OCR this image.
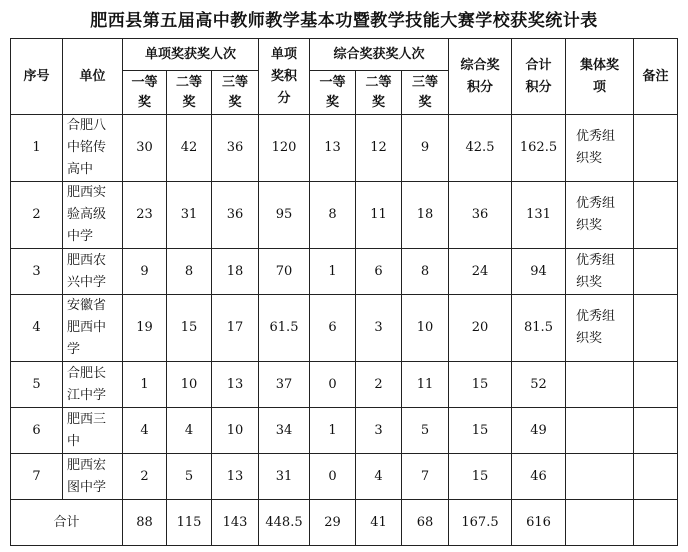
肥西县第五届高中教师教学基本功暨教学技能大赛学校获奖统计表
序号	单位	单项奖获奖人次			单项奖积分	综合奖获奖人次			综合奖积分	合计积分	集体奖项	备注
		一等奖	二等奖	三等奖		一等奖	二等奖	三等奖				
1	合肥八中铭传高中	30	42	36	120	13	12	9	42.5	162.5	优秀组织奖	
2	肥西实验高级中学	23	31	36	95	8	11	18	36	131	优秀组织奖	
3	肥西农兴中学	9	8	18	70	1	6	8	24	94	优秀组织奖	
4	安徽省肥西中学	19	15	17	61.5	6	3	10	20	81.5	优秀组织奖	
5	合肥长江中学	1	10	13	37	0	2	11	15	52		
6	肥西三中	4	4	10	34	1	3	5	15	49		
7	肥西宏图中学	2	5	13	31	0	4	7	15	46		
合计		88	115	143	448.5	29	41	68	167.5	616		
